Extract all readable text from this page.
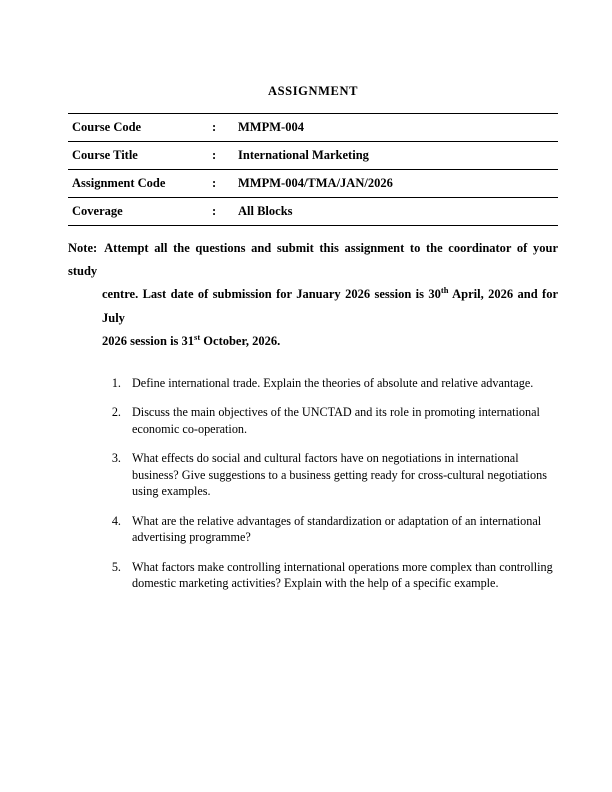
ASSIGNMENT
Course Code	:	MMPM-004
Course Title	:	International Marketing
Assignment Code	:	MMPM-004/TMA/JAN/2026
Coverage	:	All Blocks
Note: Attempt all the questions and submit this assignment to the coordinator of your study
centre. Last date of submission for January 2026 session is 30th April, 2026 and for July
2026 session is 31st October, 2026.
1. Define international trade. Explain the theories of absolute and relative advantage.
2. Discuss the main objectives of the UNCTAD and its role in promoting international economic co-operation.
3. What effects do social and cultural factors have on negotiations in international business? Give suggestions to a business getting ready for cross-cultural negotiations using examples.
4. What are the relative advantages of standardization or adaptation of an international advertising programme?
5. What factors make controlling international operations more complex than controlling domestic marketing activities? Explain with the help of a specific example.
